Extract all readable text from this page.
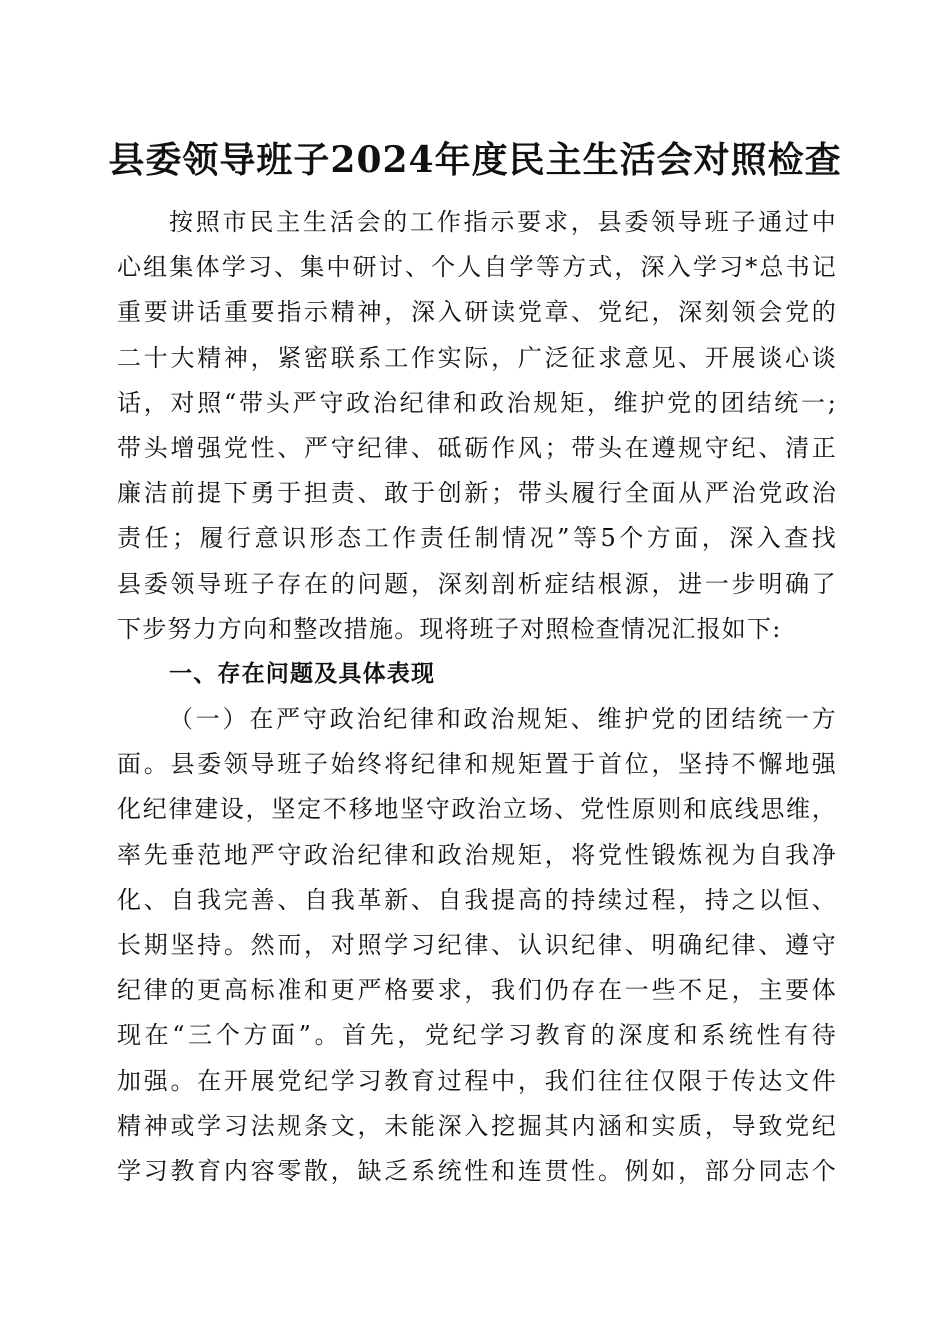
县委领导班子2024年度民主生活会对照检查
按照市民主生活会的工作指示要求，县委领导班子通过中
心组集体学习、集中研讨、个人自学等方式，深入学习*总书记
重要讲话重要指示精神，深入研读党章、党纪，深刻领会党的
二十大精神，紧密联系工作实际，广泛征求意见、开展谈心谈
话，对照“带头严守政治纪律和政治规矩，维护党的团结统一;
带头增强党性、严守纪律、砥砺作风；带头在遵规守纪、清正
廉洁前提下勇于担责、敢于创新；带头履行全面从严治党政治
责任；履行意识形态工作责任制情况”等5个方面，深入查找
县委领导班子存在的问题，深刻剖析症结根源，进一步明确了
下步努力方向和整改措施。现将班子对照检查情况汇报如下:
一、存在问题及具体表现
（一）在严守政治纪律和政治规矩、维护党的团结统一方
面。县委领导班子始终将纪律和规矩置于首位，坚持不懈地强
化纪律建设，坚定不移地坚守政治立场、党性原则和底线思维，
率先垂范地严守政治纪律和政治规矩，将党性锻炼视为自我净
化、自我完善、自我革新、自我提高的持续过程，持之以恒、
长期坚持。然而，对照学习纪律、认识纪律、明确纪律、遵守
纪律的更高标准和更严格要求，我们仍存在一些不足，主要体
现在“三个方面”。首先，党纪学习教育的深度和系统性有待
加强。在开展党纪学习教育过程中，我们往往仅限于传达文件
精神或学习法规条文，未能深入挖掘其内涵和实质，导致党纪
学习教育内容零散，缺乏系统性和连贯性。例如，部分同志个
